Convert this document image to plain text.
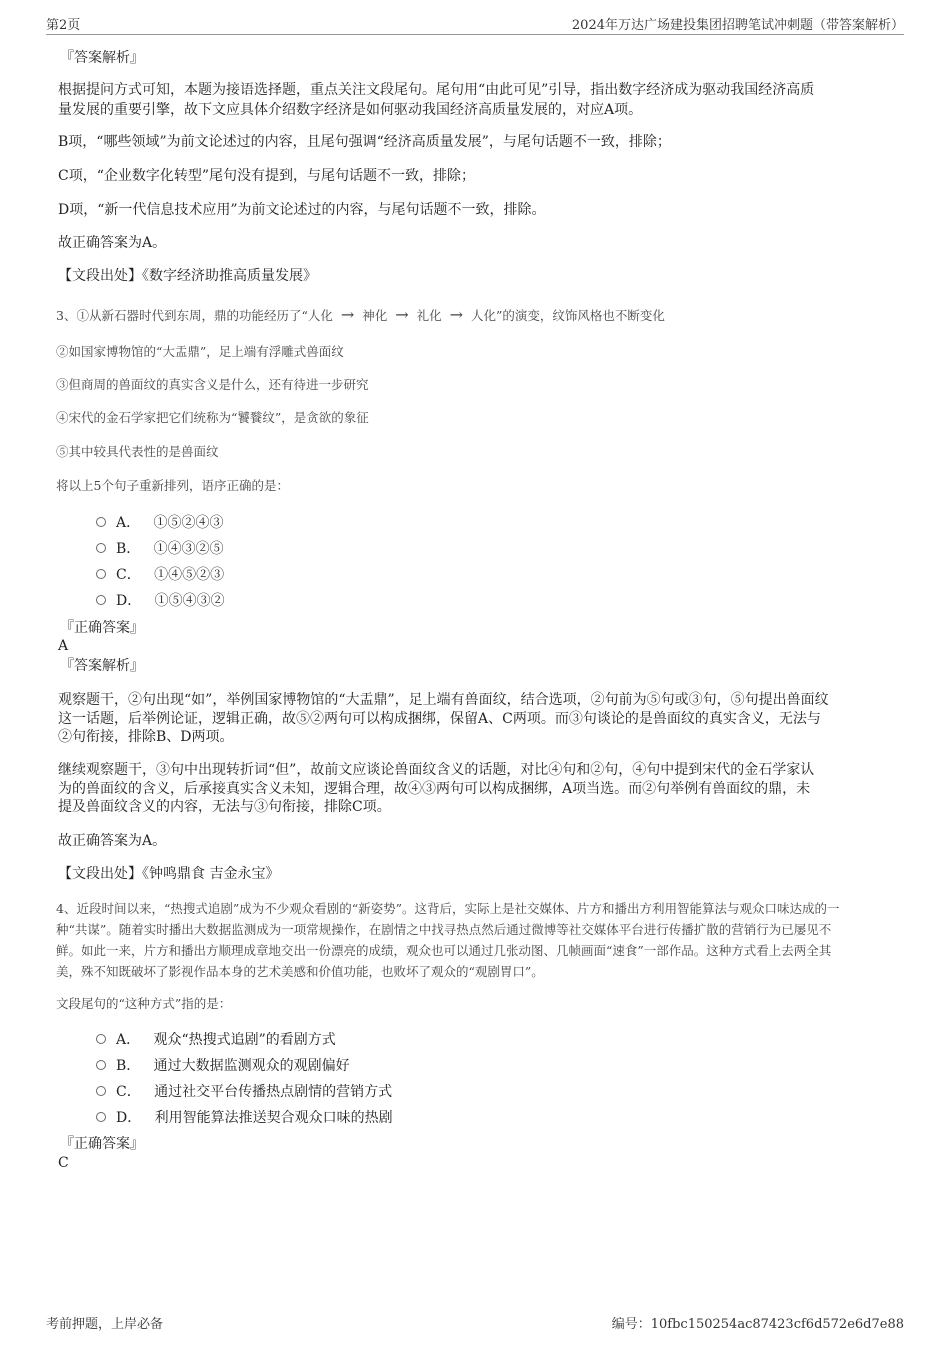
第2页	2024年万达广场建投集团招聘笔试冲刺题（带答案解析）
『答案解析』
根据提问方式可知，本题为接语选择题，重点关注文段尾句。尾句用“由此可见”引导，指出数字经济成为驱动我国经济高质
量发展的重要引擎，故下文应具体介绍数字经济是如何驱动我国经济高质量发展的，对应A项。
B项，“哪些领域”为前文论述过的内容，且尾句强调“经济高质量发展”，与尾句话题不一致，排除；
C项，“企业数字化转型”尾句没有提到，与尾句话题不一致，排除；
D项，“新一代信息技术应用”为前文论述过的内容，与尾句话题不一致，排除。
故正确答案为A。
【文段出处】《数字经济助推高质量发展》
3、①从新石器时代到东周，鼎的功能经历了“人化 → 神化 → 礼化 → 人化”的演变，纹饰风格也不断变化
②如国家博物馆的“大盂鼎”，足上端有浮雕式兽面纹
③但商周的兽面纹的真实含义是什么，还有待进一步研究
④宋代的金石学家把它们统称为“饕餮纹”，是贪欲的象征
⑤其中较具代表性的是兽面纹
将以上5个句子重新排列，语序正确的是：
A． ①⑤②④③
B． ①④③②⑤
C． ①④⑤②③
D． ①⑤④③②
『正确答案』
A
『答案解析』
观察题干，②句出现“如”，举例国家博物馆的“大盂鼎”，足上端有兽面纹，结合选项，②句前为⑤句或③句，⑤句提出兽面纹
这一话题，后举例论证，逻辑正确，故⑤②两句可以构成捆绑，保留A、C两项。而③句谈论的是兽面纹的真实含义，无法与
②句衔接，排除B、D两项。
继续观察题干，③句中出现转折词“但”，故前文应谈论兽面纹含义的话题，对比④句和②句，④句中提到宋代的金石学家认
为的兽面纹的含义，后承接真实含义未知，逻辑合理，故④③两句可以构成捆绑，A项当选。而②句举例有兽面纹的鼎，未
提及兽面纹含义的内容，无法与③句衔接，排除C项。
故正确答案为A。
【文段出处】《钟鸣鼎食 吉金永宝》
4、近段时间以来，“热搜式追剧”成为不少观众看剧的“新姿势”。这背后，实际上是社交媒体、片方和播出方利用智能算法与观众口味达成的一
种“共谋”。随着实时播出大数据监测成为一项常规操作，在剧情之中找寻热点然后通过微博等社交媒体平台进行传播扩散的营销行为已屡见不
鲜。如此一来，片方和播出方顺理成章地交出一份漂亮的成绩，观众也可以通过几张动图、几帧画面“速食”一部作品。这种方式看上去两全其
美，殊不知既破坏了影视作品本身的艺术美感和价值功能，也败坏了观众的“观剧胃口”。
文段尾句的“这种方式”指的是：
A． 观众“热搜式追剧”的看剧方式
B． 通过大数据监测观众的观剧偏好
C． 通过社交平台传播热点剧情的营销方式
D． 利用智能算法推送契合观众口味的热剧
『正确答案』
C
考前押题，上岸必备	编号：10fbc150254ac87423cf6d572e6d7e88
